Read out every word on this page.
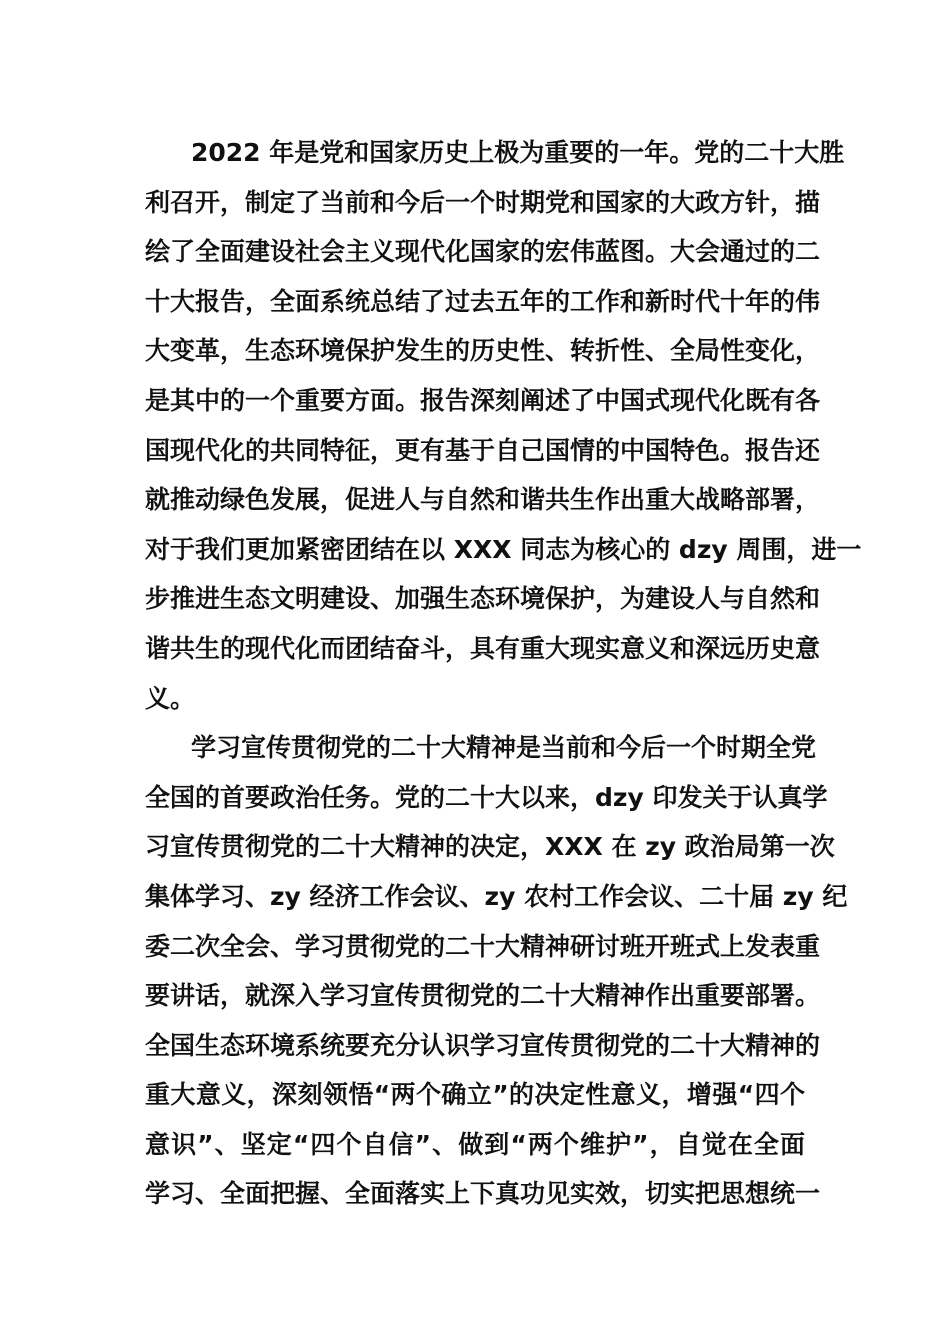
2022 年是党和国家历史上极为重要的一年。党的二十大胜
利召开，制定了当前和今后一个时期党和国家的大政方针，描
绘了全面建设社会主义现代化国家的宏伟蓝图。大会通过的二
十大报告，全面系统总结了过去五年的工作和新时代十年的伟
大变革，生态环境保护发生的历史性、转折性、全局性变化，
是其中的一个重要方面。报告深刻阐述了中国式现代化既有各
国现代化的共同特征，更有基于自己国情的中国特色。报告还
就推动绿色发展，促进人与自然和谐共生作出重大战略部署，
对于我们更加紧密团结在以 XXX 同志为核心的 dzy 周围，进一
步推进生态文明建设、加强生态环境保护，为建设人与自然和
谐共生的现代化而团结奋斗，具有重大现实意义和深远历史意
义。
学习宣传贯彻党的二十大精神是当前和今后一个时期全党
全国的首要政治任务。党的二十大以来，dzy 印发关于认真学
习宣传贯彻党的二十大精神的决定，XXX 在 zy 政治局第一次
集体学习、zy 经济工作会议、zy 农村工作会议、二十届 zy 纪
委二次全会、学习贯彻党的二十大精神研讨班开班式上发表重
要讲话，就深入学习宣传贯彻党的二十大精神作出重要部署。
全国生态环境系统要充分认识学习宣传贯彻党的二十大精神的
重大意义，深刻领悟“两个确立”的决定性意义，增强“四个
意识”、坚定“四个自信”、做到“两个维护”，自觉在全面
学习、全面把握、全面落实上下真功见实效，切实把思想统一
